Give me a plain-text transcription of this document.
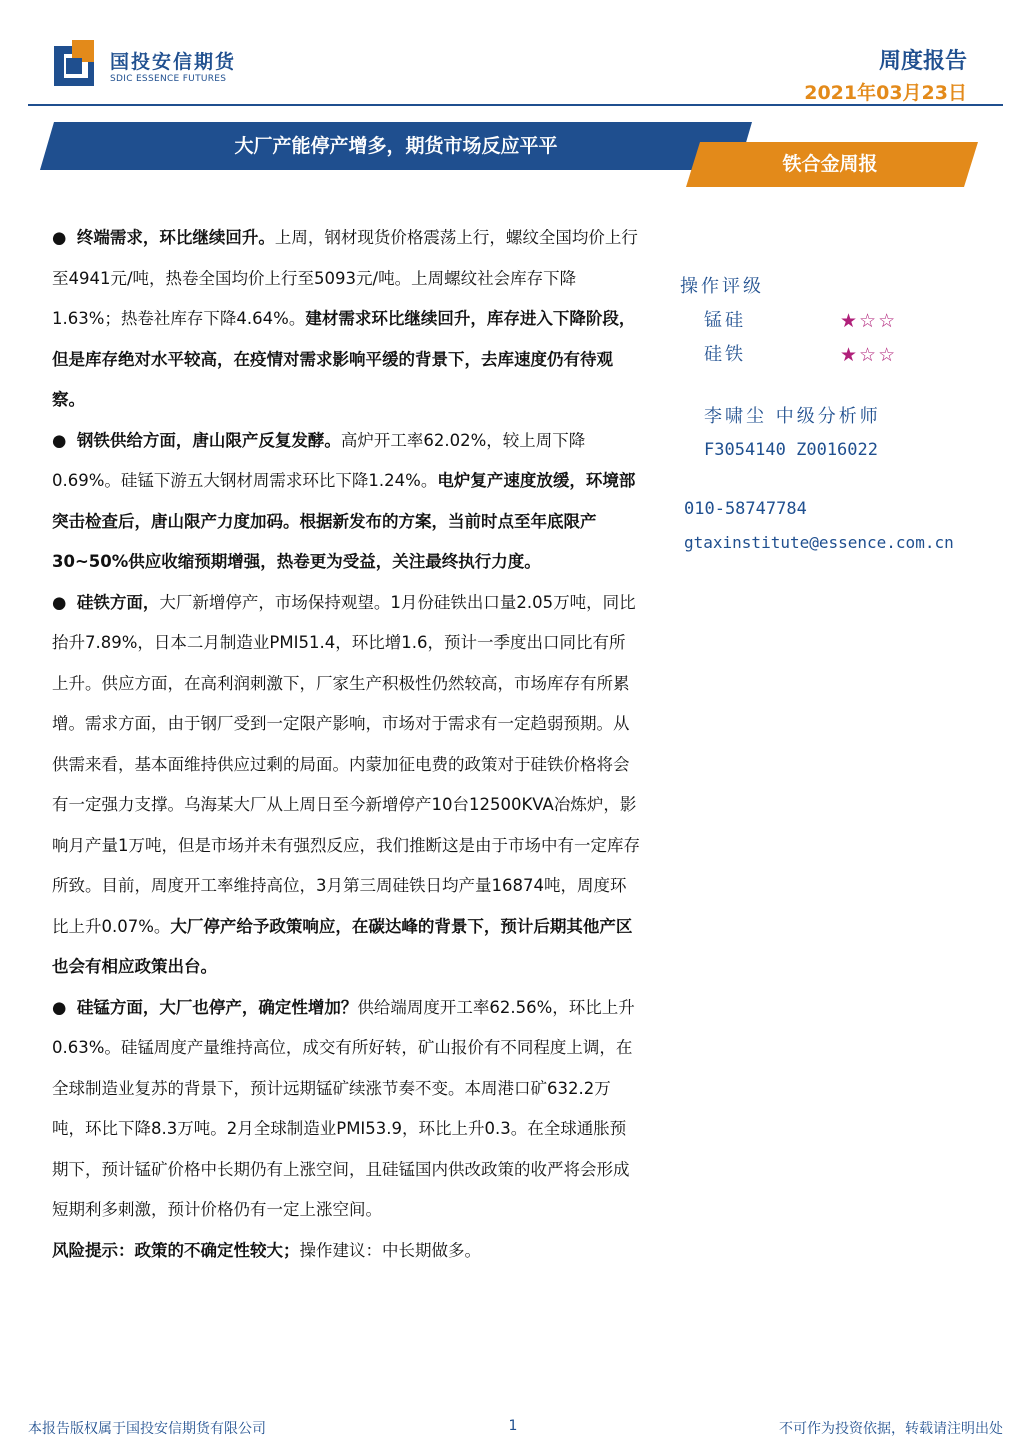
国投安信期货
SDIC ESSENCE FUTURES
周度报告
2021年03月23日
大厂产能停产增多，期货市场反应平平
铁合金周报

●  终端需求，环比继续回升。上周，钢材现货价格震荡上行，螺纹全国均价上行至4941元/吨，热卷全国均价上行至5093元/吨。上周螺纹社会库存下降1.63%；热卷社库存下降4.64%。建材需求环比继续回升，库存进入下降阶段，但是库存绝对水平较高，在疫情对需求影响平缓的背景下，去库速度仍有待观察。

●  钢铁供给方面，唐山限产反复发酵。高炉开工率62.02%，较上周下降0.69%。硅锰下游五大钢材周需求环比下降1.24%。电炉复产速度放缓，环境部突击检查后，唐山限产力度加码。根据新发布的方案，当前时点至年底限产30~50%供应收缩预期增强，热卷更为受益，关注最终执行力度。

●  硅铁方面，大厂新增停产，市场保持观望。1月份硅铁出口量2.05万吨，同比抬升7.89%，日本二月制造业PMI51.4，环比增1.6，预计一季度出口同比有所上升。供应方面，在高利润刺激下，厂家生产积极性仍然较高，市场库存有所累增。需求方面，由于钢厂受到一定限产影响，市场对于需求有一定趋弱预期。从供需来看，基本面维持供应过剩的局面。内蒙加征电费的政策对于硅铁价格将会有一定强力支撑。乌海某大厂从上周日至今新增停产10台12500KVA冶炼炉，影响月产量1万吨，但是市场并未有强烈反应，我们推断这是由于市场中有一定库存所致。目前，周度开工率维持高位，3月第三周硅铁日均产量16874吨，周度环比上升0.07%。大厂停产给予政策响应，在碳达峰的背景下，预计后期其他产区也会有相应政策出台。

●  硅锰方面，大厂也停产，确定性增加？供给端周度开工率62.56%，环比上升0.63%。硅锰周度产量维持高位，成交有所好转，矿山报价有不同程度上调，在全球制造业复苏的背景下，预计远期锰矿续涨节奏不变。本周港口矿632.2万吨，环比下降8.3万吨。2月全球制造业PMI53.9，环比上升0.3。在全球通胀预期下，预计锰矿价格中长期仍有上涨空间，且硅锰国内供改政策的收严将会形成短期利多刺激，预计价格仍有一定上涨空间。

风险提示：政策的不确定性较大；操作建议：中长期做多。

操作评级
锰硅	★☆☆
硅铁	★☆☆
李啸尘 中级分析师
F3054140 Z0016022
010-58747784
gtaxinstitute@essence.com.cn
本报告版权属于国投安信期货有限公司	1	不可作为投资依据，转载请注明出处
